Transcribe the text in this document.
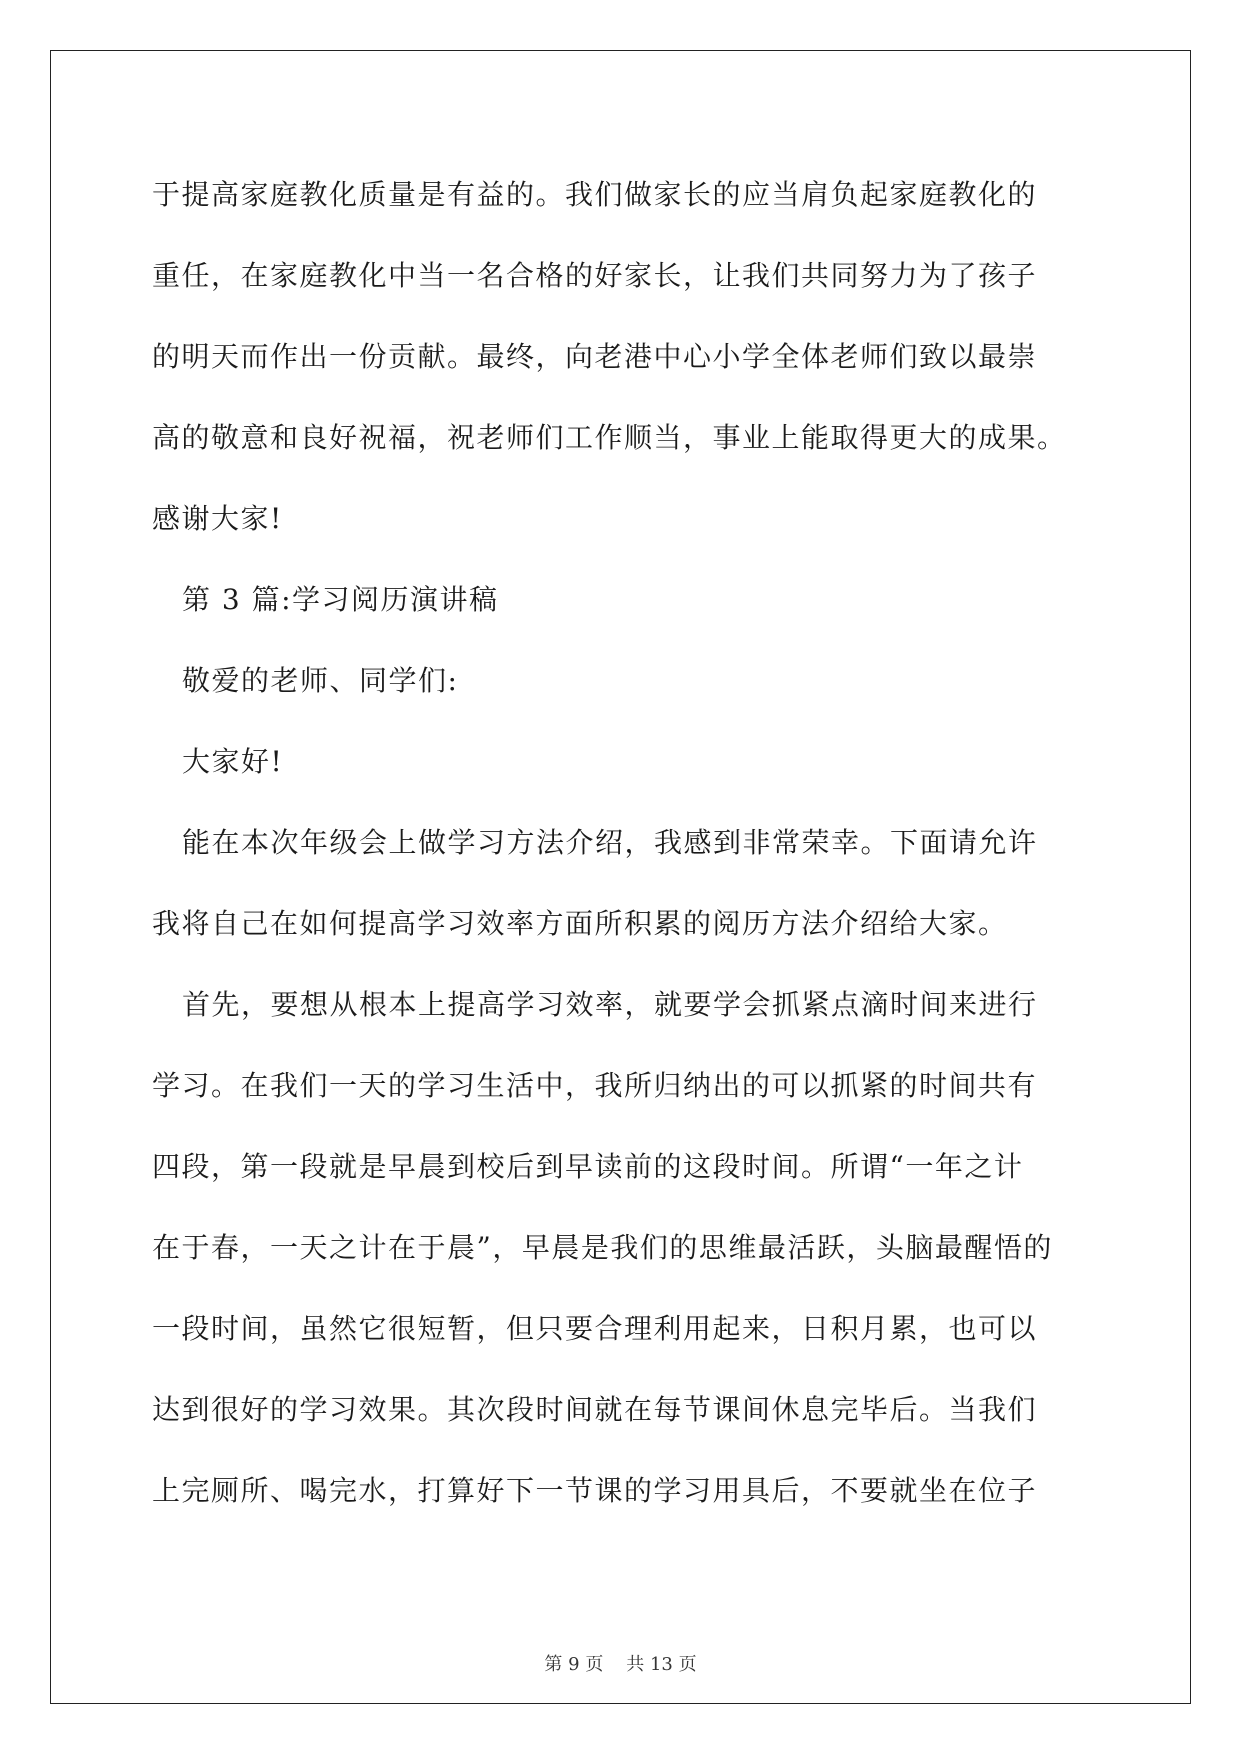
于提高家庭教化质量是有益的。我们做家长的应当肩负起家庭教化的
重任，在家庭教化中当一名合格的好家长，让我们共同努力为了孩子
的明天而作出一份贡献。最终，向老港中心小学全体老师们致以最崇
高的敬意和良好祝福，祝老师们工作顺当，事业上能取得更大的成果。
感谢大家!
第 3 篇:学习阅历演讲稿
敬爱的老师、同学们:
大家好!
能在本次年级会上做学习方法介绍，我感到非常荣幸。下面请允许
我将自己在如何提高学习效率方面所积累的阅历方法介绍给大家。
首先，要想从根本上提高学习效率，就要学会抓紧点滴时间来进行
学习。在我们一天的学习生活中，我所归纳出的可以抓紧的时间共有
四段，第一段就是早晨到校后到早读前的这段时间。所谓“一年之计
在于春，一天之计在于晨”，早晨是我们的思维最活跃，头脑最醒悟的
一段时间，虽然它很短暂，但只要合理利用起来，日积月累，也可以
达到很好的学习效果。其次段时间就在每节课间休息完毕后。当我们
上完厕所、喝完水，打算好下一节课的学习用具后，不要就坐在位子
第 9 页 共 13 页
